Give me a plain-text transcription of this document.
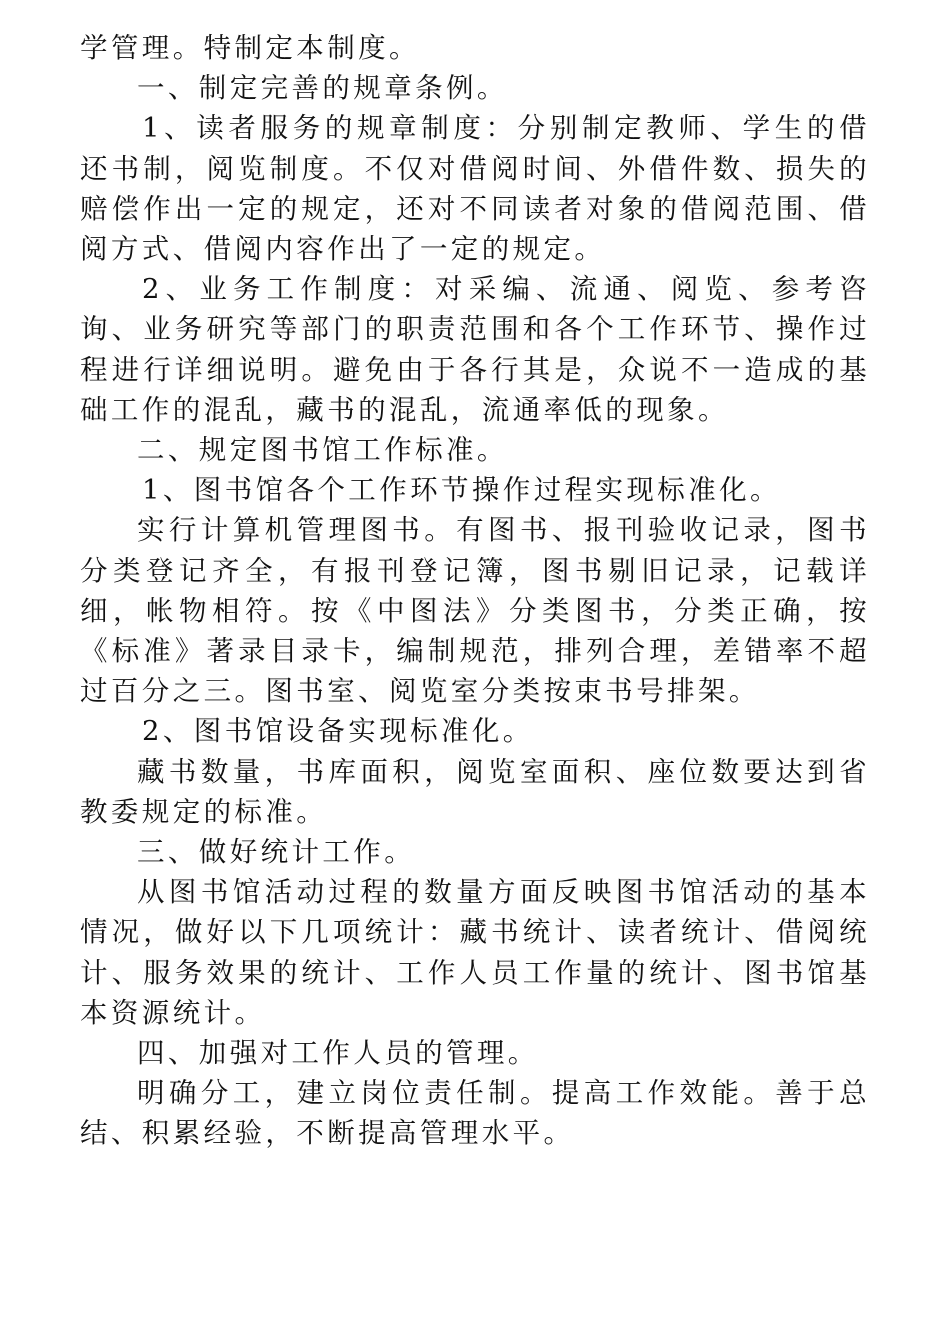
学管理。特制定本制度。

一、制定完善的规章条例。

1、读者服务的规章制度：分别制定教师、学生的借还书制，阅览制度。不仅对借阅时间、外借件数、损失的赔偿作出一定的规定，还对不同读者对象的借阅范围、借阅方式、借阅内容作出了一定的规定。

2、业务工作制度：对采编、流通、阅览、参考咨询、业务研究等部门的职责范围和各个工作环节、操作过程进行详细说明。避免由于各行其是，众说不一造成的基础工作的混乱，藏书的混乱，流通率低的现象。

二、规定图书馆工作标准。

1、图书馆各个工作环节操作过程实现标准化。

实行计算机管理图书。有图书、报刊验收记录，图书分类登记齐全，有报刊登记簿，图书剔旧记录，记载详细，帐物相符。按《中图法》分类图书，分类正确，按《标准》著录目录卡，编制规范，排列合理，差错率不超过百分之三。图书室、阅览室分类按束书号排架。

2、图书馆设备实现标准化。

藏书数量，书库面积，阅览室面积、座位数要达到省教委规定的标准。

三、做好统计工作。

从图书馆活动过程的数量方面反映图书馆活动的基本情况，做好以下几项统计：藏书统计、读者统计、借阅统计、服务效果的统计、工作人员工作量的统计、图书馆基本资源统计。

四、加强对工作人员的管理。

明确分工，建立岗位责任制。提高工作效能。善于总结、积累经验，不断提高管理水平。
